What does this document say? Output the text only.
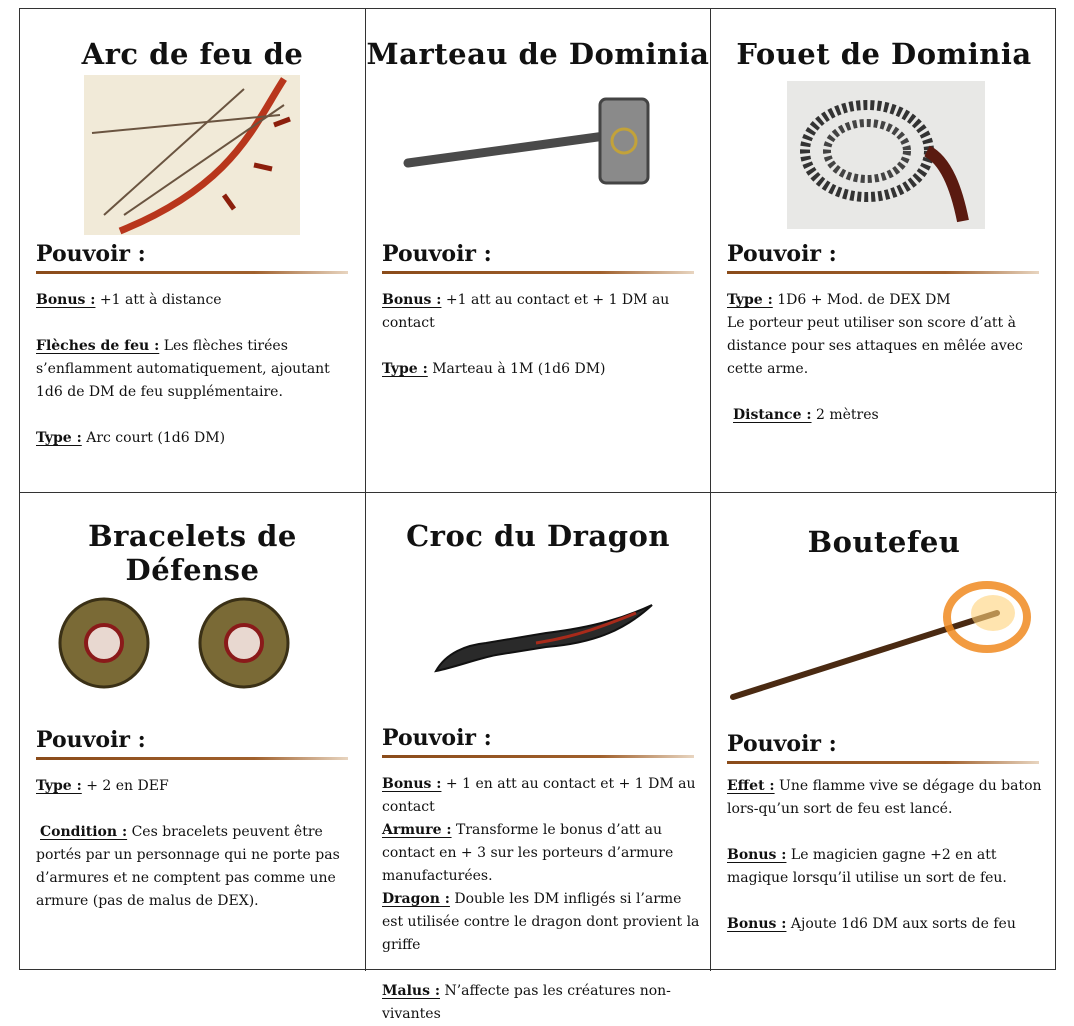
Arc de feu de
Pouvoir :

Bonus : +1 att à distance

Flèches de feu : Les flèches tirées s’enflamment automatiquement, ajoutant 1d6 de DM de feu supplémentaire.

Type : Arc court (1d6 DM)

Marteau de Dominia
Pouvoir :

Bonus : +1 att au contact et + 1 DM au contact

Type : Marteau à 1M (1d6 DM)

Fouet de Dominia
Pouvoir :

Type : 1D6 + Mod. de DEX DM

Le porteur peut utiliser son score d’att à distance pour ses attaques en mêlée avec cette arme.

Distance : 2 mètres

Bracelets de Défense
Pouvoir :

Type : + 2 en DEF

Condition : Ces bracelets peuvent être portés par un personnage qui ne porte pas d’armures et ne comptent pas comme une armure (pas de malus de DEX).

Croc du Dragon
Pouvoir :

Bonus : + 1 en att au contact et + 1 DM au contact

Armure : Transforme le bonus d’att au contact en + 3 sur les porteurs d’armure manufacturées.

Dragon : Double les DM infligés si l’arme est utilisée contre le dragon dont provient la griffe

Malus : N’affecte pas les créatures non-vivantes

Boutefeu
Pouvoir :

Effet : Une flamme vive se dégage du baton lors-qu’un sort de feu est lancé.

Bonus : Le magicien gagne +2 en att magique lorsqu’il utilise un sort de feu.

Bonus : Ajoute 1d6 DM aux sorts de feu
